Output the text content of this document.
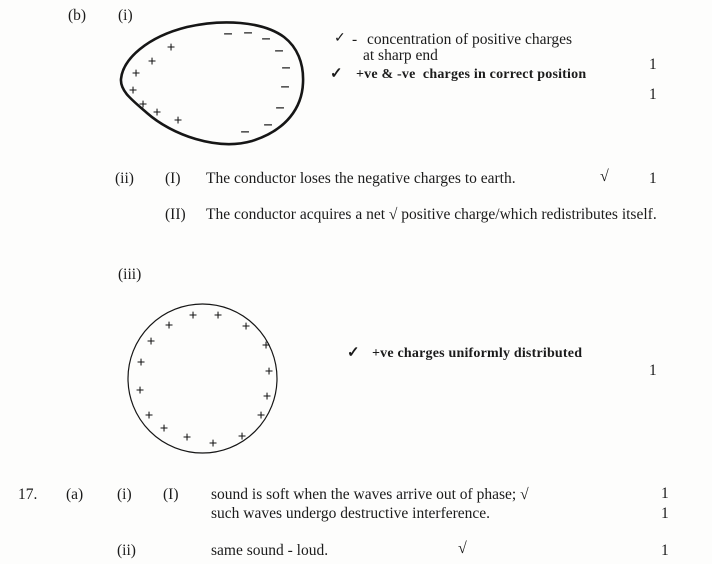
(b) (i)
+
+
+
+
+ + +
− − −
−
−
−
−
−
−
✓ - concentration of positive charges
at sharp end
1
✓ +ve & -ve  charges in correct position
1
(ii) (I) The conductor loses the negative charges to earth.	√	1
(II) The conductor acquires a net √ positive charge/which redistributes itself.
(iii)
+ +
+	+
+	+
+
+
+	+
+	+
+	+
+ +
✓ +ve charges uniformly distributed
1
17. (a) (i) (I) sound is soft when the waves arrive out of phase; √	1
such waves undergo destructive interference.	1
(ii)	same sound - loud.	√	1
